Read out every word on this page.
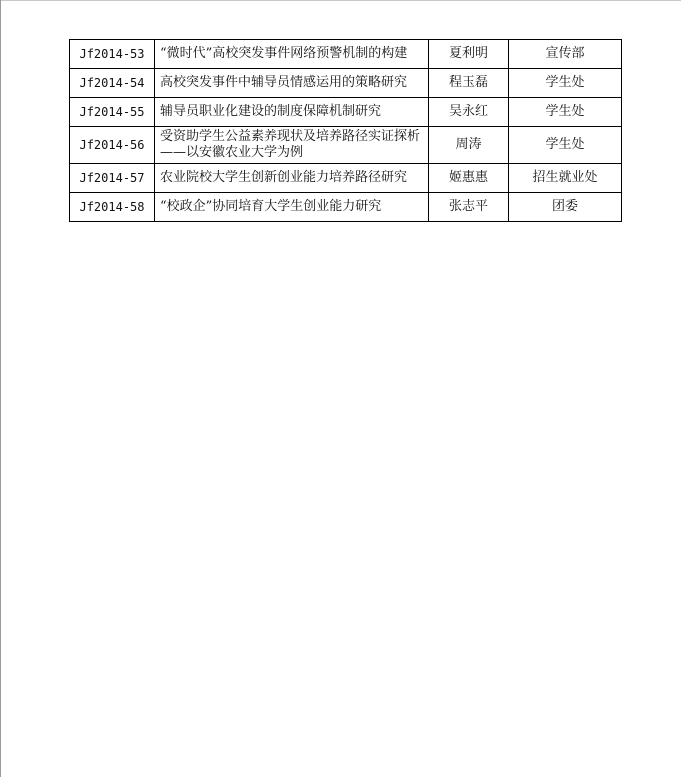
Jf2014-53	“微时代”高校突发事件网络预警机制的构建	夏利明	宣传部
Jf2014-54	高校突发事件中辅导员情感运用的策略研究	程玉磊	学生处
Jf2014-55	辅导员职业化建设的制度保障机制研究	吴永红	学生处
Jf2014-56	受资助学生公益素养现状及培养路径实证探析——以安徽农业大学为例	周涛	学生处
Jf2014-57	农业院校大学生创新创业能力培养路径研究	姬惠惠	招生就业处
Jf2014-58	“校政企”协同培育大学生创业能力研究	张志平	团委
